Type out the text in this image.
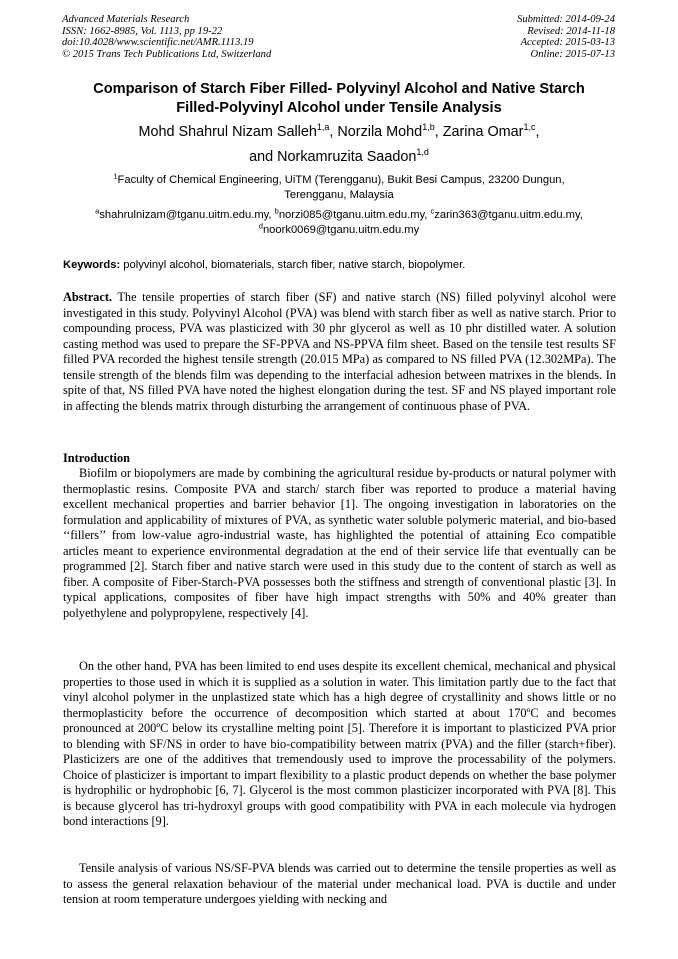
Advanced Materials Research
ISSN: 1662-8985, Vol. 1113, pp 19-22
doi:10.4028/www.scientific.net/AMR.1113.19
© 2015 Trans Tech Publications Ltd, Switzerland
Submitted: 2014-09-24
Revised: 2014-11-18
Accepted: 2015-03-13
Online: 2015-07-13
Comparison of Starch Fiber Filled- Polyvinyl Alcohol and Native Starch
Filled-Polyvinyl Alcohol under Tensile Analysis
Mohd Shahrul Nizam Salleh$^{1,a}$, Norzila Mohd$^{1,b}$, Zarina Omar$^{1,c}$,
and Norkamruzita Saadon$^{1,d}$
$^1$Faculty of Chemical Engineering, UiTM (Terengganu), Bukit Besi Campus, 23200 Dungun,
Terengganu, Malaysia
$^a$shahrulnizam@tganu.uitm.edu.my, $^b$norzi085@tganu.uitm.edu.my, $^c$zarin363@tganu.uitm.edu.my,
$^d$noork0069@tganu.uitm.edu.my
Keywords: polyvinyl alcohol, biomaterials, starch fiber, native starch, biopolymer.
Abstract. The tensile properties of starch fiber (SF) and native starch (NS) filled polyvinyl alcohol were investigated in this study. Polyvinyl Alcohol (PVA) was blend with starch fiber as well as native starch. Prior to compounding process, PVA was plasticized with 30 phr glycerol as well as 10 phr distilled water. A solution casting method was used to prepare the SF-PPVA and NS-PPVA film sheet. Based on the tensile test results SF filled PVA recorded the highest tensile strength (20.015 MPa) as compared to NS filled PVA (12.302MPa). The tensile strength of the blends film was depending to the interfacial adhesion between matrixes in the blends. In spite of that, NS filled PVA have noted the highest elongation during the test. SF and NS played important role in affecting the blends matrix through disturbing the arrangement of continuous phase of PVA.
Introduction
Biofilm or biopolymers are made by combining the agricultural residue by-products or natural polymer with thermoplastic resins. Composite PVA and starch/ starch fiber was reported to produce a material having excellent mechanical properties and barrier behavior [1]. The ongoing investigation in laboratories on the formulation and applicability of mixtures of PVA, as synthetic water soluble polymeric material, and bio-based ‘‘fillers’’ from low-value agro-industrial waste, has highlighted the potential of attaining Eco compatible articles meant to experience environmental degradation at the end of their service life that eventually can be programmed [2]. Starch fiber and native starch were used in this study due to the content of starch as well as fiber. A composite of Fiber-Starch-PVA possesses both the stiffness and strength of conventional plastic [3]. In typical applications, composites of fiber have high impact strengths with 50% and 40% greater than polyethylene and polypropylene, respectively [4].
On the other hand, PVA has been limited to end uses despite its excellent chemical, mechanical and physical properties to those used in which it is supplied as a solution in water. This limitation partly due to the fact that vinyl alcohol polymer in the unplastized state which has a high degree of crystallinity and shows little or no thermoplasticity before the occurrence of decomposition which started at about 170ºC and becomes pronounced at 200ºC below its crystalline melting point [5]. Therefore it is important to plasticized PVA prior to blending with SF/NS in order to have bio-compatibility between matrix (PVA) and the filler (starch+fiber). Plasticizers are one of the additives that tremendously used to improve the processability of the polymers. Choice of plasticizer is important to impart flexibility to a plastic product depends on whether the base polymer is hydrophilic or hydrophobic [6, 7]. Glycerol is the most common plasticizer incorporated with PVA [8]. This is because glycerol has tri-hydroxyl groups with good compatibility with PVA in each molecule via hydrogen bond interactions [9].
Tensile analysis of various NS/SF-PVA blends was carried out to determine the tensile properties as well as to assess the general relaxation behaviour of the material under mechanical load. PVA is ductile and under tension at room temperature undergoes yielding with necking and
